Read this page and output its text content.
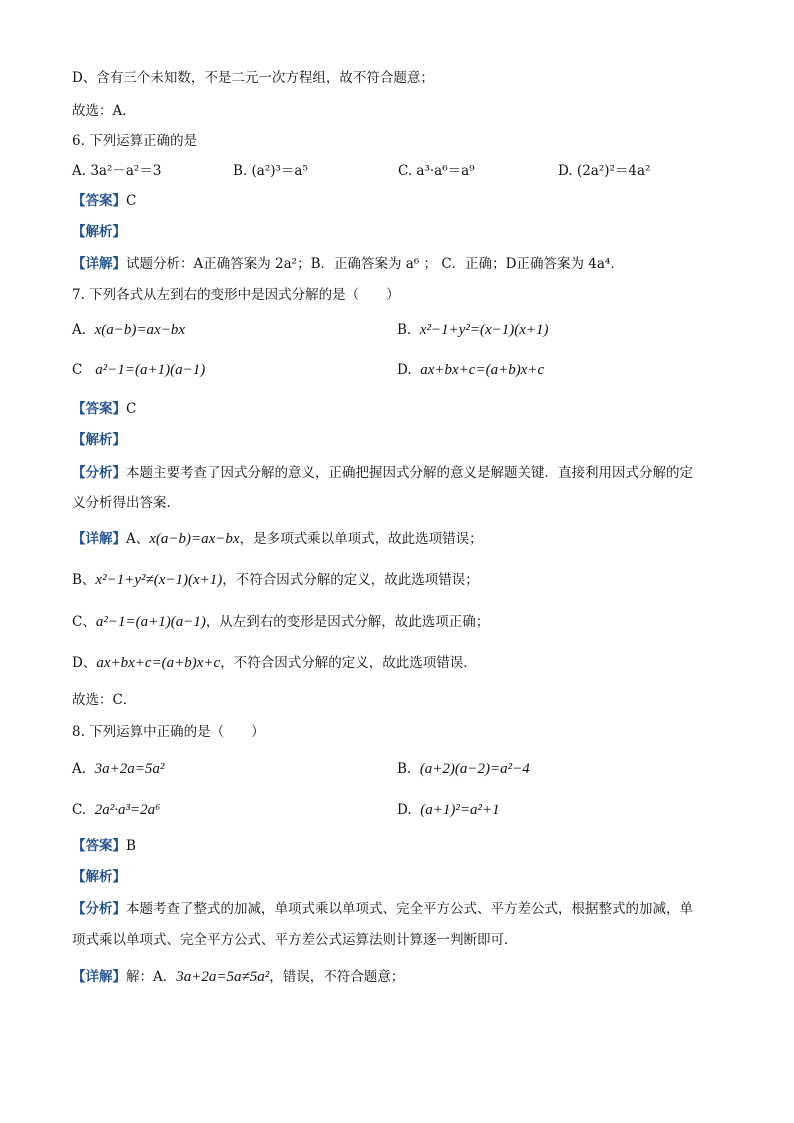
D、含有三个未知数，不是二元一次方程组，故不符合题意；
故选：A．
6. 下列运算正确的是
A. 3a²－a²＝3	B. (a²)³＝a⁵	C. a³·a⁶＝a⁹	D. (2a²)²＝4a²
【答案】C
【解析】
【详解】试题分析：A正确答案为 2a²；B．正确答案为 a⁶ ； C．正确；D正确答案为 4a⁴．
7. 下列各式从左到右的变形中是因式分解的是（　　）
A. x(a−b)=ax−bx	B. x²−1+y²=(x−1)(x+1)
C a²−1=(a+1)(a−1)	D. ax+bx+c=(a+b)x+c
【答案】C
【解析】
【分析】本题主要考查了因式分解的意义，正确把握因式分解的意义是解题关键．直接利用因式分解的定
义分析得出答案．
【详解】A、x(a−b)=ax−bx，是多项式乘以单项式，故此选项错误；
B、x²−1+y²≠(x−1)(x+1)，不符合因式分解的定义，故此选项错误；
C、a²−1=(a+1)(a−1)，从左到右的变形是因式分解，故此选项正确；
D、ax+bx+c=(a+b)x+c，不符合因式分解的定义，故此选项错误．
故选：C．
8. 下列运算中正确的是（　　）
A. 3a+2a=5a²	B. (a+2)(a−2)=a²−4
C. 2a²·a³=2a⁶	D. (a+1)²=a²+1
【答案】B
【解析】
【分析】本题考查了整式的加减，单项式乘以单项式、完全平方公式、平方差公式，根据整式的加减，单
项式乘以单项式、完全平方公式、平方差公式运算法则计算逐一判断即可．
【详解】解：A．3a+2a=5a≠5a²，错误，不符合题意；
